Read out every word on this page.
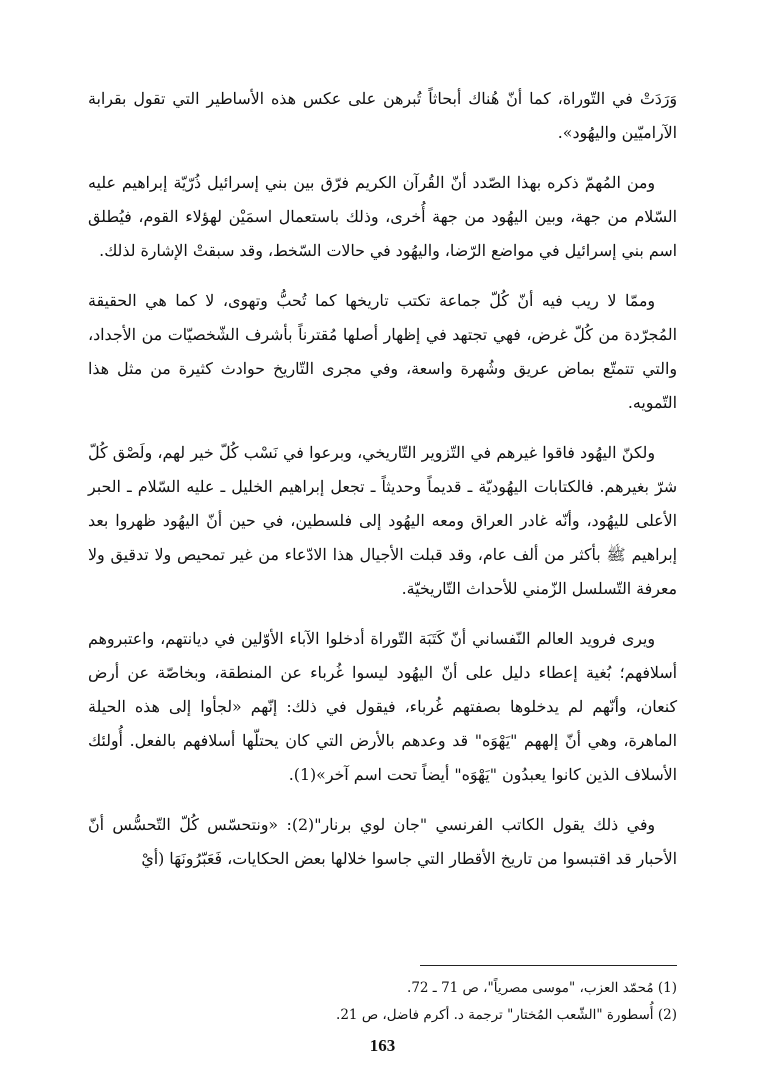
وَرَدَتْ في التّوراة، كما أنّ هُناك أبحاثاً تُبرهن على عكس هذه الأساطير التي تقول بقرابة الآراميّين واليهُود».

ومن المُهمّ ذكره بهذا الصّدد أنّ القُرآن الكريم فرّق بين بني إسرائيل ذُرّيّة إبراهيم عليه السّلام من جهة، وبين اليهُود من جهة أُخرى، وذلك باستعمال اسمَيْن لهؤلاء القوم، فيُطلق اسم بني إسرائيل في مواضع الرّضا، واليهُود في حالات السّخط، وقد سبقتْ الإشارة لذلك.

وممّا لا ريب فيه أنّ كُلّ جماعة تكتب تاريخها كما تُحبُّ وتهوى، لا كما هي الحقيقة المُجرّدة من كُلّ غرض، فهي تجتهد في إظهار أصلها مُقترناً بأشرف الشّخصيّات من الأجداد، والتي تتمتّع بماض عريق وشُهرة واسعة، وفي مجرى التّاريخ حوادث كثيرة من مثل هذا التّمويه.

ولكنّ اليهُود فاقوا غيرهم في التّزوير التّاريخي، وبرعوا في نَسْب كُلّ خير لهم، ولَصْق كُلّ شرّ بغيرهم. فالكتابات اليهُوديّة ـ قديماً وحديثاً ـ تجعل إبراهيم الخليل ـ عليه السّلام ـ الحبر الأعلى لليهُود، وأنّه غادر العراق ومعه اليهُود إلى فلسطين، في حين أنّ اليهُود ظهروا بعد إبراهيم ﷺ بأكثر من ألف عام، وقد قبلت الأجيال هذا الادّعاء من غير تمحيص ولا تدقيق ولا معرفة التّسلسل الزّمني للأحداث التّاريخيّة.

ويرى فرويد العالم النّفساني أنّ كَتَبَة التّوراة أدخلوا الآباء الأوّلين في ديانتهم، واعتبروهم أسلافهم؛ بُغية إعطاء دليل على أنّ اليهُود ليسوا غُرباء عن المنطقة، وبخاصّة عن أرض كنعان، وأنّهم لم يدخلوها بصفتهم غُرباء، فيقول في ذلك: إنّهم «لجأوا إلى هذه الحيلة الماهرة، وهي أنّ إلههم "يَهْوَه" قد وعدهم بالأرض التي كان يحتلّها أسلافهم بالفعل. أُولئك الأسلاف الذين كانوا يعبدُون "يَهْوَه" أيضاً تحت اسم آخر»(1).

وفي ذلك يقول الكاتب الفرنسي "جان لوي برنار"(2): «ونتحسّس كُلّ التّحسُّس أنّ الأحبار قد اقتبسوا من تاريخ الأقطار التي جاسوا خلالها بعض الحكايات، فَعَبّرُونَهَا (أيْ

(1) مُحمّد العزب، "موسى مصرياً"، ص 71 ـ 72.

(2) أُسطورة "الشّعب المُختار" ترجمة د. أكرم فاضل، ص 21.

163
